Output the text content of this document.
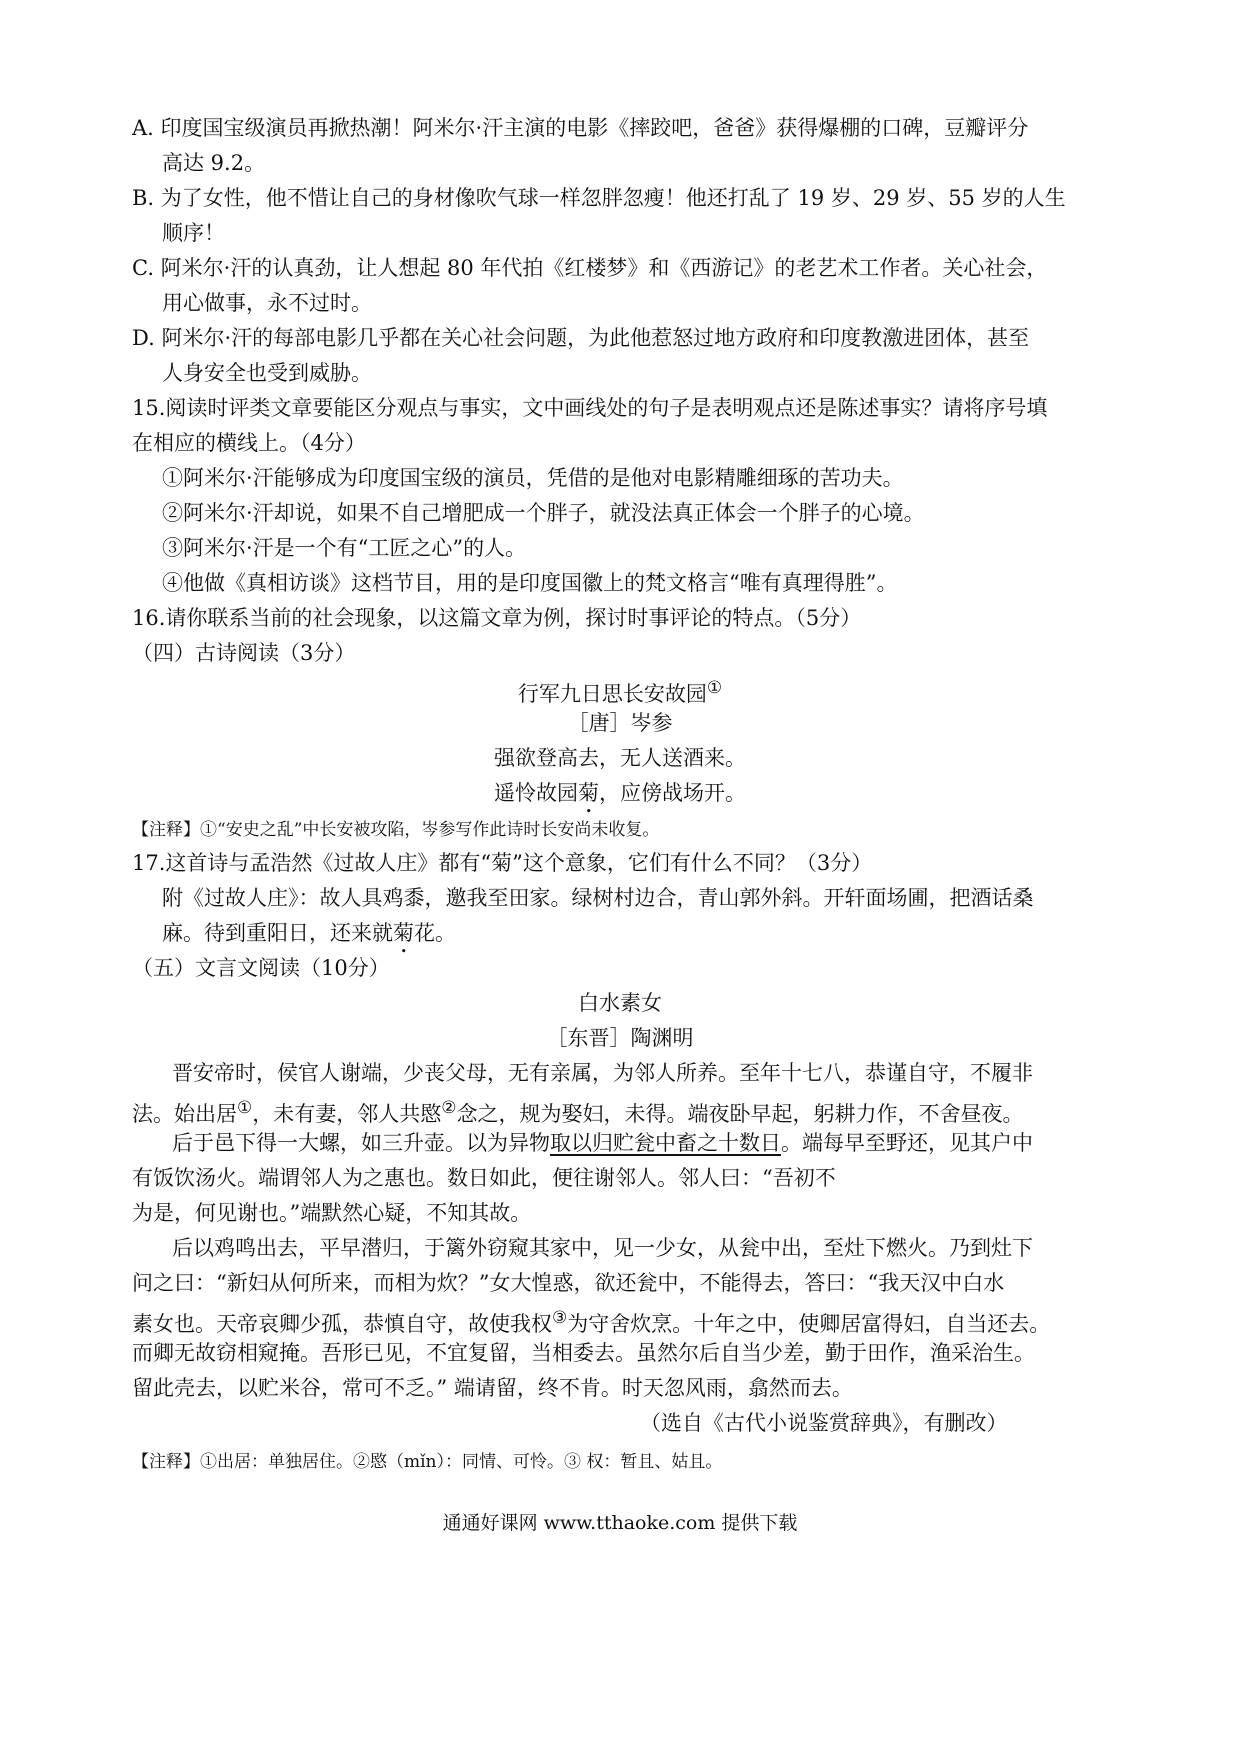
A. 印度国宝级演员再掀热潮！阿米尔·汗主演的电影《摔跤吧，爸爸》获得爆棚的口碑，豆瓣评分
高达 9.2。
B. 为了女性，他不惜让自己的身材像吹气球一样忽胖忽瘦！他还打乱了 19 岁、29 岁、55 岁的人生
顺序！
C. 阿米尔·汗的认真劲，让人想起 80 年代拍《红楼梦》和《西游记》的老艺术工作者。关心社会，
用心做事，永不过时。
D. 阿米尔·汗的每部电影几乎都在关心社会问题，为此他惹怒过地方政府和印度教激进团体，甚至
人身安全也受到威胁。
15.阅读时评类文章要能区分观点与事实，文中画线处的句子是表明观点还是陈述事实？请将序号填
在相应的横线上。（4分）
①阿米尔·汗能够成为印度国宝级的演员，凭借的是他对电影精雕细琢的苦功夫。
②阿米尔·汗却说，如果不自己增肥成一个胖子，就没法真正体会一个胖子的心境。
③阿米尔·汗是一个有“工匠之心”的人。
④他做《真相访谈》这档节目，用的是印度国徽上的梵文格言“唯有真理得胜”。
16.请你联系当前的社会现象，以这篇文章为例，探讨时事评论的特点。（5分）
（四）古诗阅读（3分）
行军九日思长安故园①
［唐］岑参
强欲登高去，无人送酒来。
遥怜故园菊，应傍战场开。
【注释】①“安史之乱”中长安被攻陷，岑参写作此诗时长安尚未收复。
17.这首诗与孟浩然《过故人庄》都有“菊”这个意象，它们有什么不同？（3分）
附《过故人庄》：故人具鸡黍，邀我至田家。绿树村边合，青山郭外斜。开轩面场圃，把酒话桑
麻。待到重阳日，还来就菊花。
（五）文言文阅读（10分）
白水素女
［东晋］陶渊明
晋安帝时，侯官人谢端，少丧父母，无有亲属，为邻人所养。至年十七八，恭谨自守，不履非
法。始出居①，未有妻，邻人共愍②念之，规为娶妇，未得。端夜卧早起，躬耕力作，不舍昼夜。
后于邑下得一大螺，如三升壶。以为异物取以归贮瓮中畜之十数日。端每早至野还，见其户中
有饭饮汤火。端谓邻人为之惠也。数日如此，便往谢邻人。邻人曰：“吾初不
为是，何见谢也。”端默然心疑，不知其故。
后以鸡鸣出去，平早潜归，于篱外窃窥其家中，见一少女，从瓮中出，至灶下燃火。乃到灶下
问之曰：“新妇从何所来，而相为炊？”女大惶惑，欲还瓮中，不能得去，答曰：“我天汉中白水
素女也。天帝哀卿少孤，恭慎自守，故使我权③为守舍炊烹。十年之中，使卿居富得妇，自当还去。
而卿无故窃相窥掩。吾形已见，不宜复留，当相委去。虽然尔后自当少差，勤于田作，渔采治生。
留此壳去，以贮米谷，常可不乏。” 端请留，终不肯。时天忽风雨，翕然而去。
（选自《古代小说鉴赏辞典》，有删改）
【注释】①出居：单独居住。②愍（mǐn）：同情、可怜。③ 权：暂且、姑且。
通通好课网 www.tthaoke.com 提供下载
